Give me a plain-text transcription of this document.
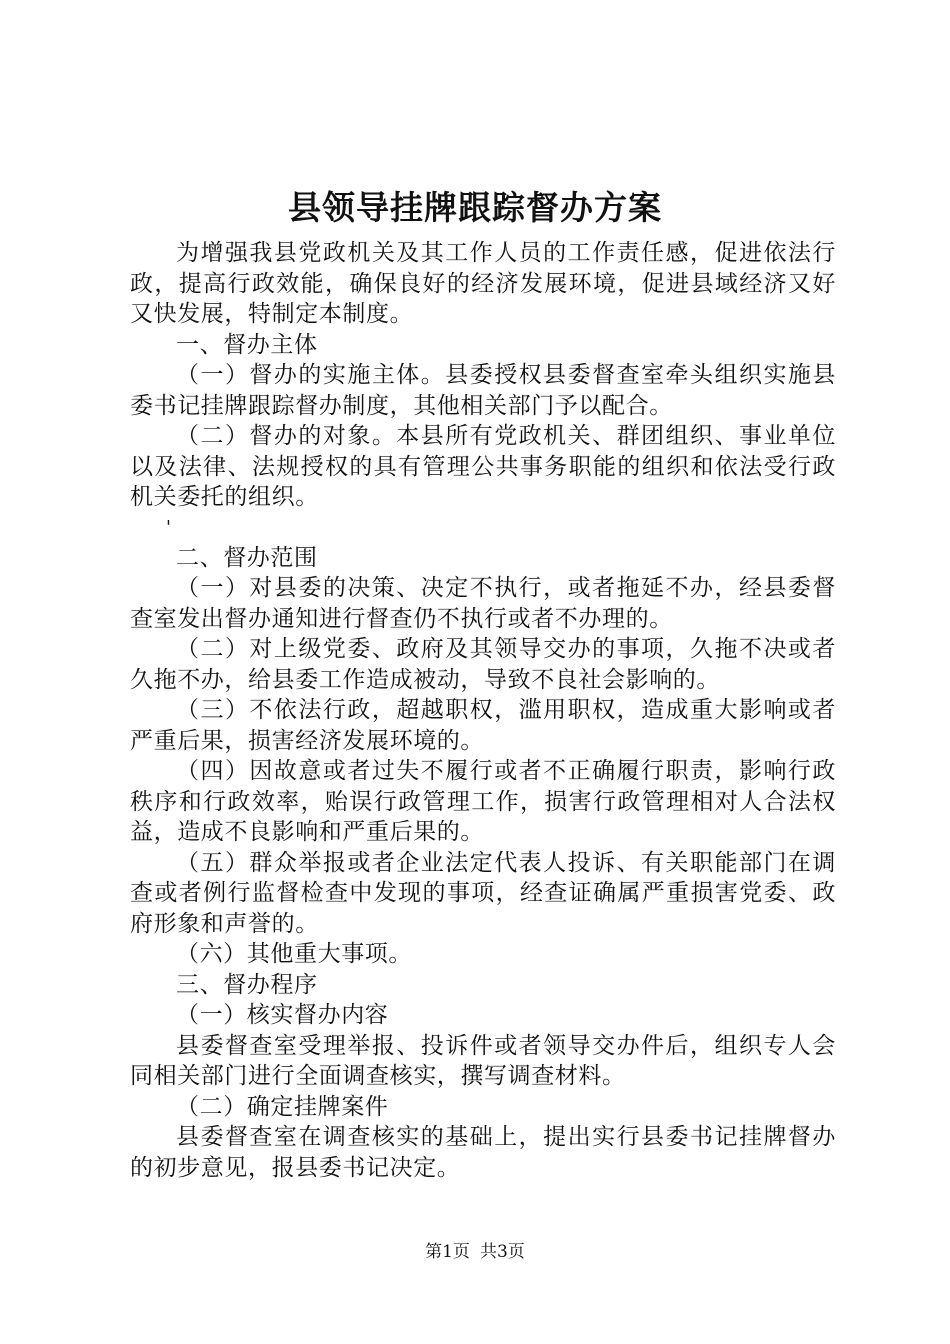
县领导挂牌跟踪督办方案

为增强我县党政机关及其工作人员的工作责任感，促进依法行政，提高行政效能，确保良好的经济发展环境，促进县域经济又好又快发展，特制定本制度。

一、督办主体

（一）督办的实施主体。县委授权县委督查室牵头组织实施县委书记挂牌跟踪督办制度，其他相关部门予以配合。

（二）督办的对象。本县所有党政机关、群团组织、事业单位以及法律、法规授权的具有管理公共事务职能的组织和依法受行政机关委托的组织。

'

二、督办范围

（一）对县委的决策、决定不执行，或者拖延不办，经县委督查室发出督办通知进行督查仍不执行或者不办理的。

（二）对上级党委、政府及其领导交办的事项，久拖不决或者久拖不办，给县委工作造成被动，导致不良社会影响的。

（三）不依法行政，超越职权，滥用职权，造成重大影响或者严重后果，损害经济发展环境的。

（四）因故意或者过失不履行或者不正确履行职责，影响行政秩序和行政效率，贻误行政管理工作，损害行政管理相对人合法权益，造成不良影响和严重后果的。

（五）群众举报或者企业法定代表人投诉、有关职能部门在调查或者例行监督检查中发现的事项，经查证确属严重损害党委、政府形象和声誉的。

（六）其他重大事项。

三、督办程序

（一）核实督办内容

县委督查室受理举报、投诉件或者领导交办件后，组织专人会同相关部门进行全面调查核实，撰写调查材料。

（二）确定挂牌案件

县委督查室在调查核实的基础上，提出实行县委书记挂牌督办的初步意见，报县委书记决定。

第1页 共3页
